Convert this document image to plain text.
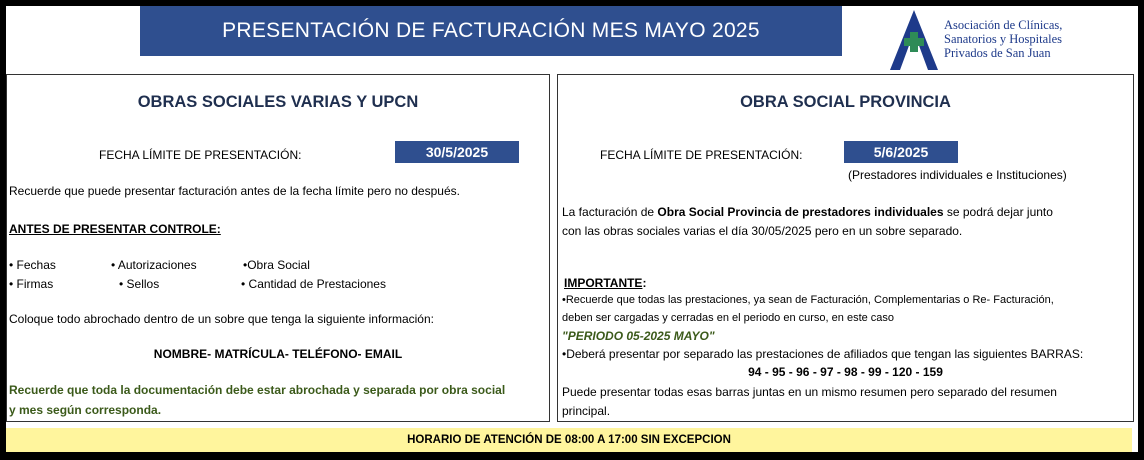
PRESENTACIÓN DE FACTURACIÓN MES MAYO 2025	Asociación de Clínicas,
Sanatorios y Hospitales
Privados de San Juan
OBRAS SOCIALES VARIAS Y UPCN
FECHA LÍMITE DE PRESENTACIÓN:	30/5/2025
Recuerde que puede presentar facturación antes de la fecha límite pero no después.
ANTES DE PRESENTAR CONTROLE:
• Fechas	• Autorizaciones	•Obra Social
• Firmas	• Sellos	• Cantidad de Prestaciones
Coloque todo abrochado dentro de un sobre que tenga la siguiente información:
NOMBRE- MATRÍCULA- TELÉFONO- EMAIL
Recuerde que toda la documentación debe estar abrochada y separada por obra social
y mes según corresponda.
OBRA SOCIAL PROVINCIA
FECHA LÍMITE DE PRESENTACIÓN:	5/6/2025
(Prestadores individuales e Instituciones)
La facturación de Obra Social Provincia de prestadores individuales se podrá dejar junto
con las obras sociales varias el día 30/05/2025 pero en un sobre separado.
IMPORTANTE:
•Recuerde que todas las prestaciones, ya sean de Facturación, Complementarias o Re- Facturación,
deben ser cargadas y cerradas en el periodo en curso, en este caso
"PERIODO 05-2025 MAYO"
•Deberá presentar por separado las prestaciones de afiliados que tengan las siguientes BARRAS:
94 - 95 - 96 - 97 - 98 - 99 - 120 - 159
Puede presentar todas esas barras juntas en un mismo resumen pero separado del resumen
principal.
HORARIO DE ATENCIÓN DE 08:00 A 17:00 SIN EXCEPCION
